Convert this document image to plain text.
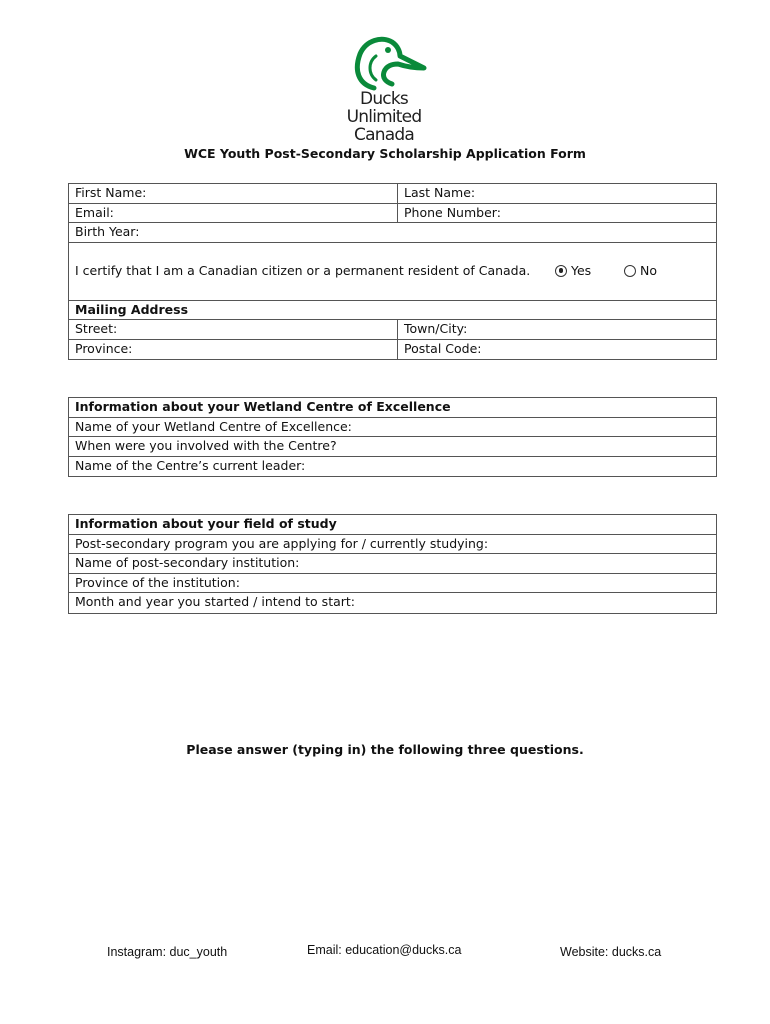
Ducks Unlimited
Canada
WCE Youth Post-Secondary Scholarship Application Form
First Name:	Last Name:
Email:	Phone Number:
Birth Year:
I certify that I am a Canadian citizen or a permanent resident of Canada.	Yes	No
Mailing Address
Street:	Town/City:
Province:	Postal Code:
Information about your Wetland Centre of Excellence
Name of your Wetland Centre of Excellence:
When were you involved with the Centre?
Name of the Centre’s current leader:
Information about your field of study
Post-secondary program you are applying for / currently studying:
Name of post-secondary institution:
Province of the institution:
Month and year you started / intend to start:
Please answer (typing in) the following three questions.
Instagram: duc_youth	Email: education@ducks.ca	Website: ducks.ca
